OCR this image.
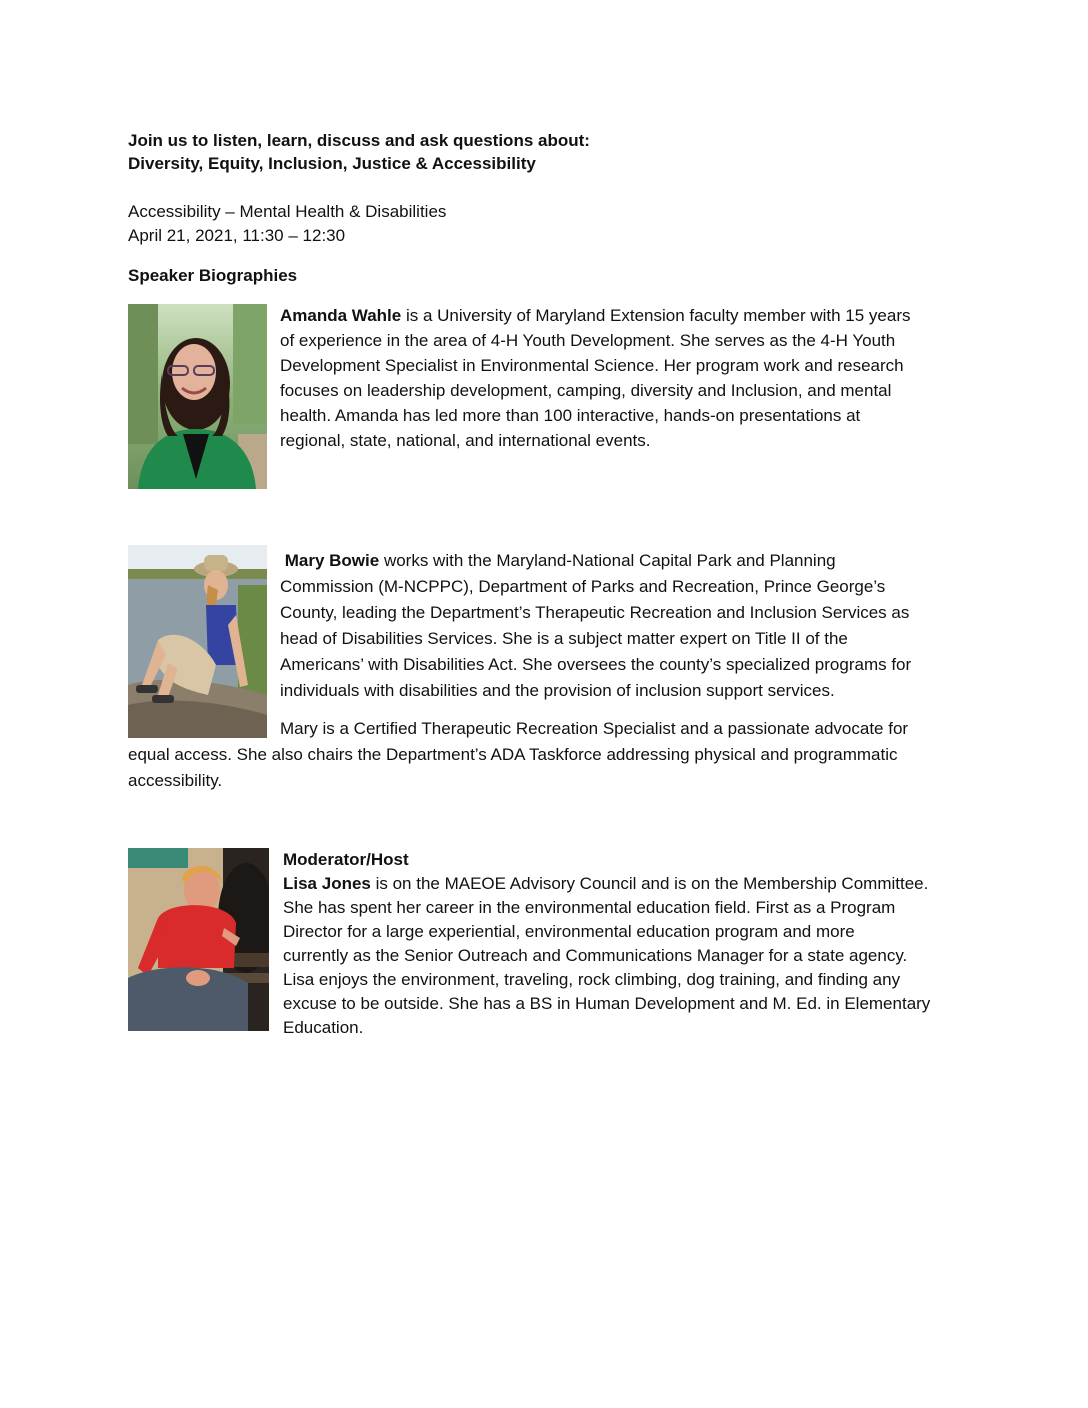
Join us to listen, learn, discuss and ask questions about:
Diversity, Equity, Inclusion, Justice & Accessibility
Accessibility – Mental Health & Disabilities
April 21, 2021, 11:30 – 12:30
Speaker Biographies

Amanda Wahle is a University of Maryland Extension faculty member with 15 years

of experience in the area of 4-H Youth Development. She serves as the 4-H Youth

Development Specialist in Environmental Science. Her program work and research

focuses on leadership development, camping, diversity and Inclusion, and mental

health. Amanda has led more than 100 interactive, hands-on presentations at

regional, state, national, and international events.

Mary Bowie works with the Maryland-National Capital Park and Planning

Commission (M-NCPPC), Department of Parks and Recreation, Prince George’s

County, leading the Department’s Therapeutic Recreation and Inclusion Services as

head of Disabilities Services. She is a subject matter expert on Title II of the

Americans’ with Disabilities Act. She oversees the county’s specialized programs for

individuals with disabilities and the provision of inclusion support services.

Mary is a Certified Therapeutic Recreation Specialist and a passionate advocate for

equal access. She also chairs the Department’s ADA Taskforce addressing physical and programmatic

accessibility.

Moderator/Host

Lisa Jones is on the MAEOE Advisory Council and is on the Membership Committee.

She has spent her career in the environmental education field. First as a Program

Director for a large experiential, environmental education program and more

currently as the Senior Outreach and Communications Manager for a state agency.

Lisa enjoys the environment, traveling, rock climbing, dog training, and finding any

excuse to be outside. She has a BS in Human Development and M. Ed. in Elementary

Education.
